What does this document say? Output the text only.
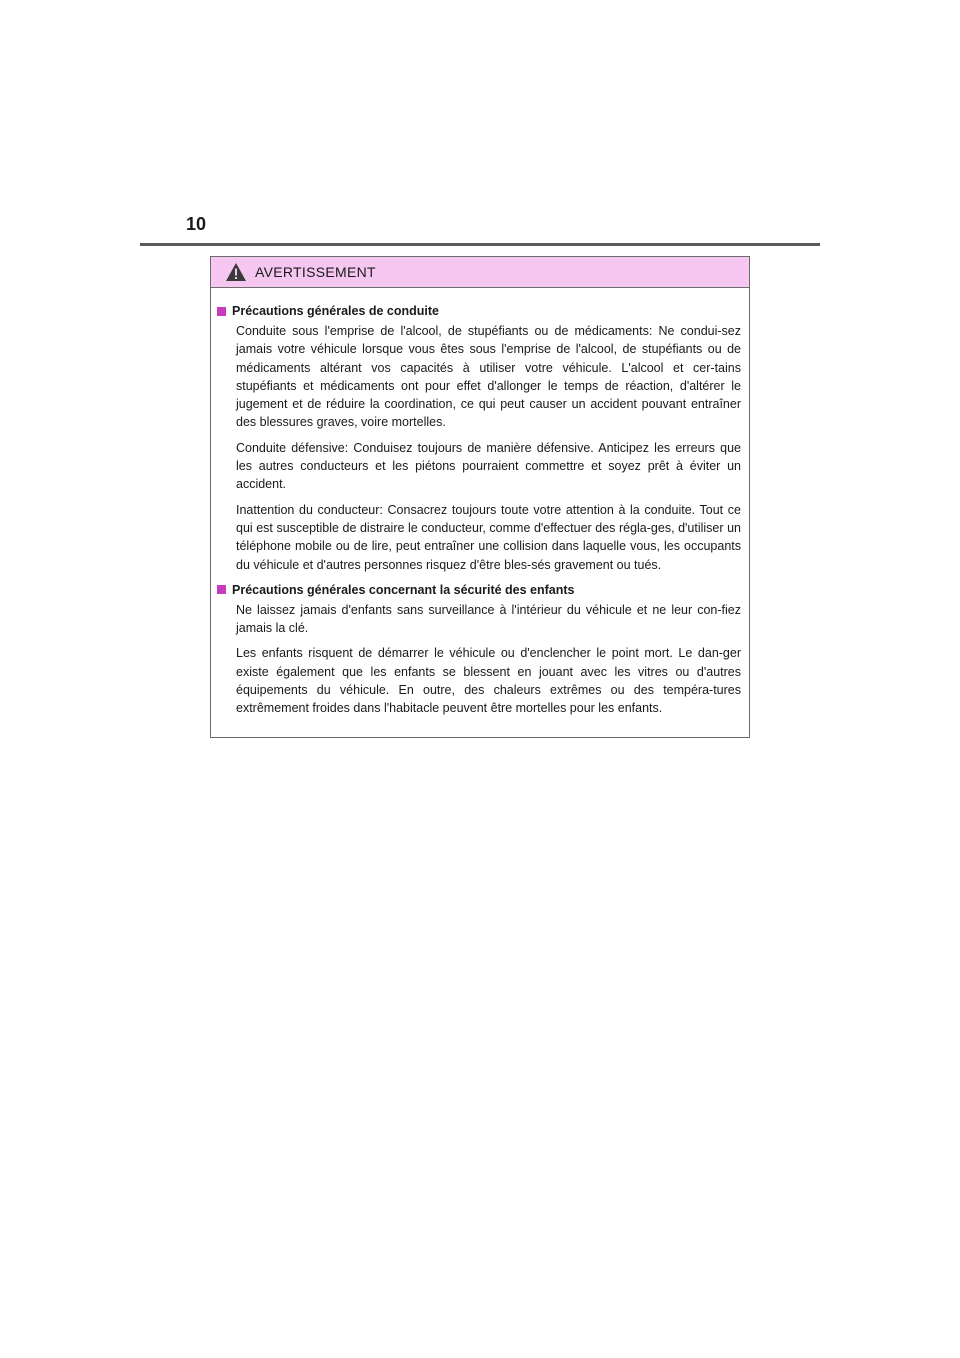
10
AVERTISSEMENT
Précautions générales de conduite

Conduite sous l'emprise de l'alcool, de stupéfiants ou de médicaments: Ne condui-sez jamais votre véhicule lorsque vous êtes sous l'emprise de l'alcool, de stupéfiants ou de médicaments altérant vos capacités à utiliser votre véhicule. L'alcool et cer-tains stupéfiants et médicaments ont pour effet d'allonger le temps de réaction, d'altérer le jugement et de réduire la coordination, ce qui peut causer un accident pouvant entraîner des blessures graves, voire mortelles.

Conduite défensive: Conduisez toujours de manière défensive. Anticipez les erreurs que les autres conducteurs et les piétons pourraient commettre et soyez prêt à éviter un accident.

Inattention du conducteur: Consacrez toujours toute votre attention à la conduite. Tout ce qui est susceptible de distraire le conducteur, comme d'effectuer des régla-ges, d'utiliser un téléphone mobile ou de lire, peut entraîner une collision dans laquelle vous, les occupants du véhicule et d'autres personnes risquez d'être bles-sés gravement ou tués.

Précautions générales concernant la sécurité des enfants

Ne laissez jamais d'enfants sans surveillance à l'intérieur du véhicule et ne leur con-fiez jamais la clé.

Les enfants risquent de démarrer le véhicule ou d'enclencher le point mort. Le dan-ger existe également que les enfants se blessent en jouant avec les vitres ou d'autres équipements du véhicule. En outre, des chaleurs extrêmes ou des tempéra-tures extrêmement froides dans l'habitacle peuvent être mortelles pour les enfants.
